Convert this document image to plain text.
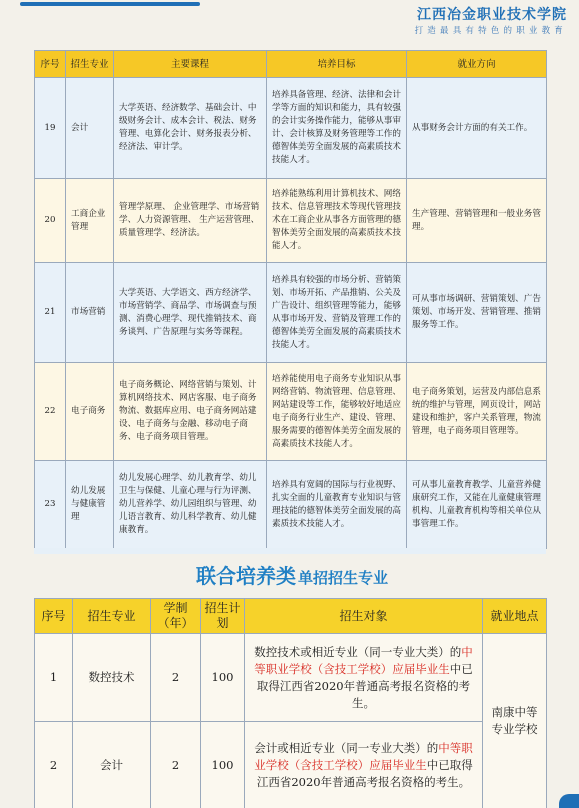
江西冶金职业技术学院
打造最具有特色的职业教育
序号	招生专业	主要课程	培养目标	就业方向
19	会计	大学英语、经济数学、基础会计、中级财务会计、成本会计、税法、财务管理、电算化会计、财务报表分析、经济法、审计学。	培养具备管理、经济、法律和会计学等方面的知识和能力，具有较强的会计实务操作能力，能够从事审计、会计核算及财务管理等工作的德智体美劳全面发展的高素质技术技能人才。	从事财务会计方面的有关工作。
20	工商企业管理	管理学原理、 企业管理学、市场营销学、人力资源管理、 生产运营管理、 质量管理学、经济法。	培养能熟练利用计算机技术、网络技术、信息管理技术等现代管理技术在工商企业从事各方面管理的德智体美劳全面发展的高素质技术技能人才。	生产管理、营销管理和一般业务管理。
21	市场营销	大学英语、大学语文、西方经济学、市场营销学、商品学、市场调查与预测、消费心理学、现代推销技术、商务谈判、广告原理与实务等课程。	培养具有较强的市场分析、营销策划、市场开拓、产品推销、公关及广告设计、组织管理等能力，能够从事市场开发、营销及管理工作的德智体美劳全面发展的高素质技术技能人才。	可从事市场调研、营销策划、广告策划、市场开发、营销管理、推销服务等工作。
22	电子商务	电子商务概论、网络营销与策划、计算机网络技术、网店客服、电子商务物流、数据库应用、电子商务网站建设、电子商务与金融、移动电子商务、电子商务项目管理。	培养能使用电子商务专业知识从事网络营销、物流管理、信息管理、网站建设等工作，能够较好地适应电子商务行业生产、建设、管理、服务需要的德智体美劳全面发展的高素质技术技能人才。	电子商务策划，运营及内部信息系统的维护与管理，网页设计，网站建设和维护，客户关系管理，物流管理，电子商务项目管理等。
23	幼儿发展与健康管理	幼儿发展心理学、幼儿教育学、幼儿卫生与保健、儿童心理与行为评测、幼儿营养学、幼儿园组织与管理、幼儿语言教育、幼儿科学教育、幼儿健康教育。	培养具有宽阔的国际与行业视野、扎实全面的儿童教育专业知识与管理技能的德智体美劳全面发展的高素质技术技能人才。	可从事儿童教育教学、儿童营养健康研究工作，又能在儿童健康管理机构、儿童教育机构等相关单位从事管理工作。
联合培养类 单招招生专业
序号	招生专业	学制（年）	招生计划	招生对象	就业地点
1	数控技术	2	100	数控技术或相近专业（同一专业大类）的中等职业学校（含技工学校）应届毕业生中已取得江西省2020年普通高考报名资格的考生。	南康中等专业学校
2	会计	2	100	会计或相近专业（同一专业大类）的中等职业学校（含技工学校）应届毕业生中已取得江西省2020年普通高考报名资格的考生。	
